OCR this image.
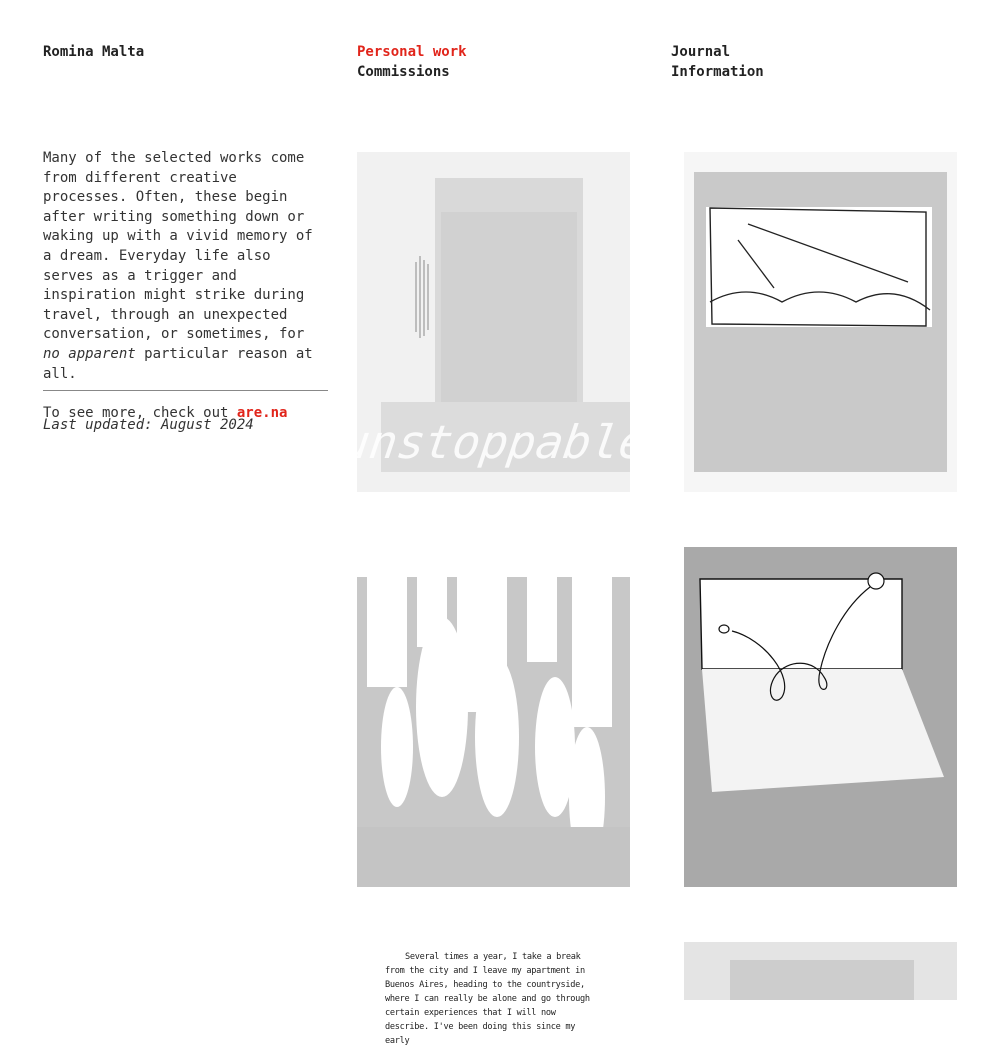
Romina Malta	Personal work
Commissions
Journal
Information

Many of the selected works come from different creative processes. Often, these begin after writing something down or waking up with a vivid memory of a dream. Everyday life also serves as a trigger and inspiration might strike during travel, through an unexpected conversation, or sometimes, for no apparent particular reason at all.

To see more, check out are.na

Last updated: August 2024 unstoppable

Several times a year, I take a break from the city and I leave my apartment in Buenos Aires, heading to the countryside, where I can really be alone and go through certain experiences that I will now describe. I've been doing this since my early
